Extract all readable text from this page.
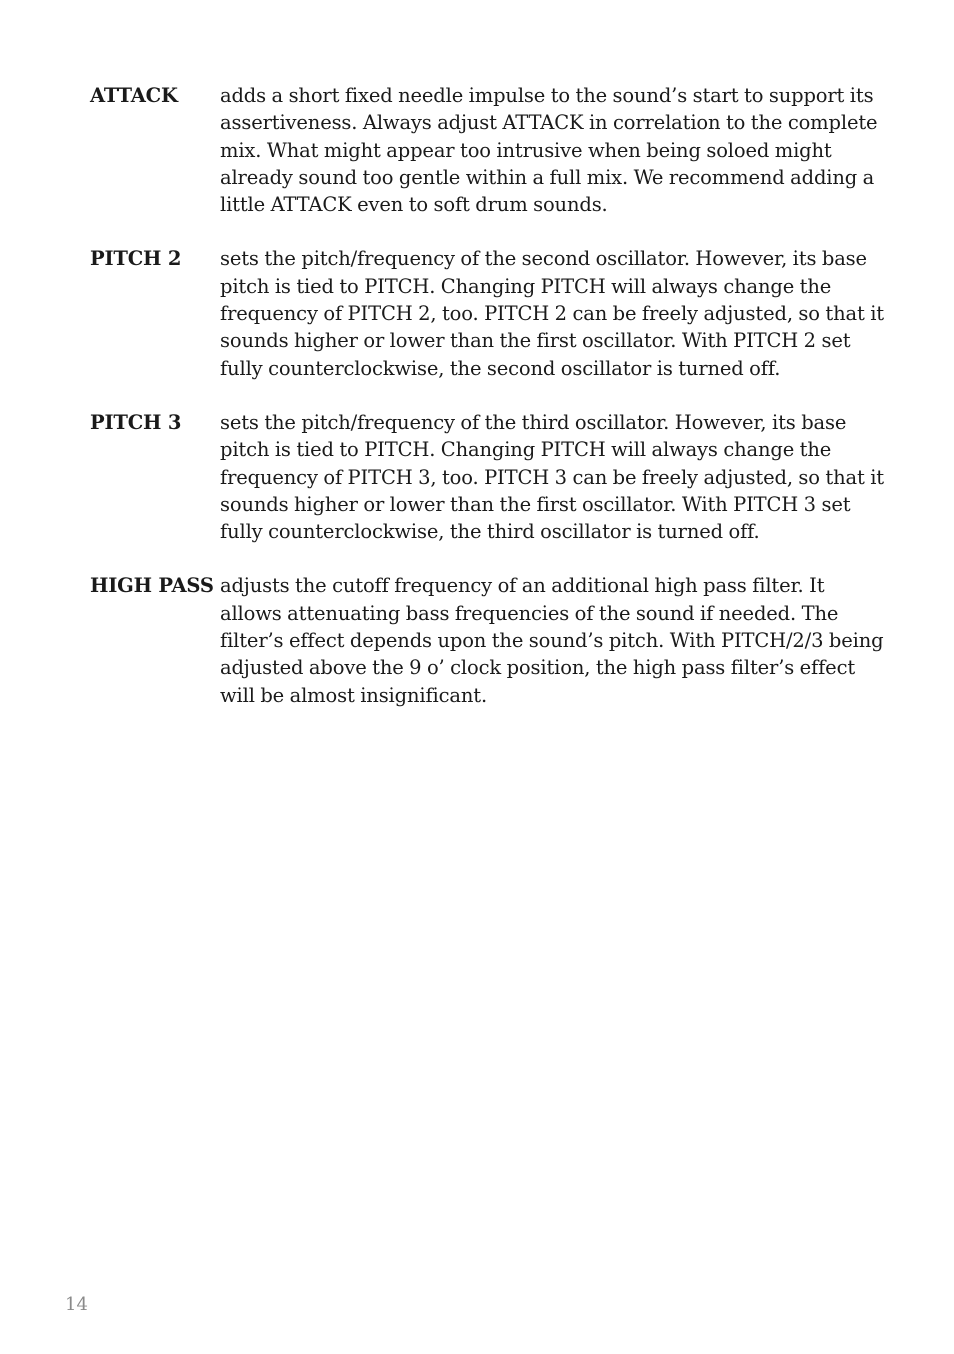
ATTACK	adds a short fixed needle impulse to the sound’s start to support its assertiveness. Always adjust ATTACK in correlation to the complete mix. What might appear too intrusive when being soloed might already sound too gentle within a full mix. We recommend adding a little ATTACK even to soft drum sounds.
PITCH 2	sets the pitch/frequency of the second oscillator. However, its base pitch is tied to PITCH. Changing PITCH will always change the frequency of PITCH 2, too. PITCH 2 can be freely adjusted, so that it sounds higher or lower than the first oscillator. With PITCH 2 set fully counterclockwise, the second oscillator is turned off.
PITCH 3	sets the pitch/frequency of the third oscillator. However, its base pitch is tied to PITCH. Changing PITCH will always change the frequency of PITCH 3, too. PITCH 3 can be freely adjusted, so that it sounds higher or lower than the first oscillator. With PITCH 3 set fully counterclockwise, the third oscillator is turned off.
HIGH PASS adjusts the cutoff frequency of an additional high pass filter. It allows attenuating bass frequencies of the sound if needed. The filter’s effect depends upon the sound’s pitch. With PITCH/2/3 being adjusted above the 9 o’ clock position, the high pass filter’s effect will be almost insignificant.
14
